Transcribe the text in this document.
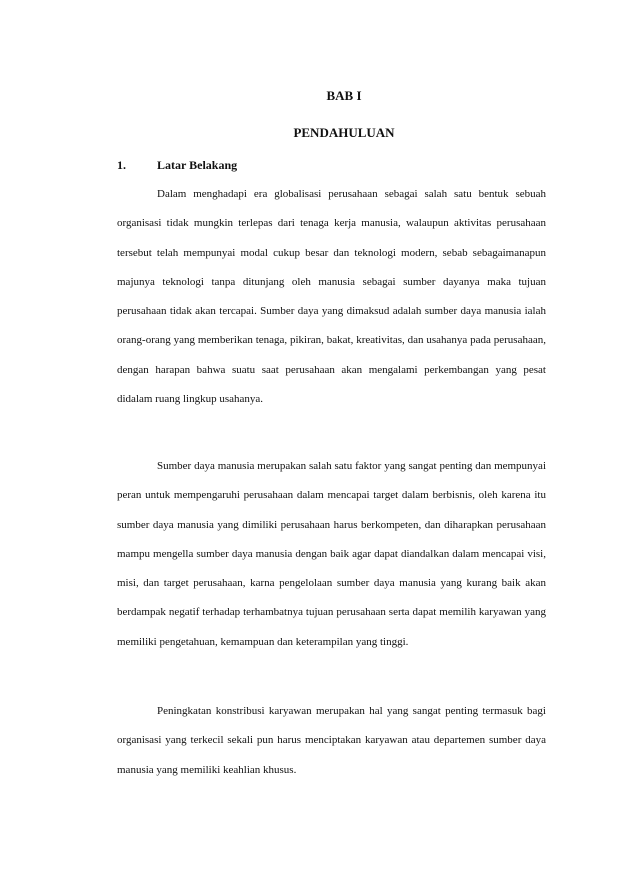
BAB I
PENDAHULUAN
1.	Latar Belakang

Dalam menghadapi era globalisasi perusahaan sebagai salah satu bentuk sebuah organisasi tidak mungkin terlepas dari tenaga kerja manusia, walaupun aktivitas perusahaan tersebut telah mempunyai modal cukup besar dan teknologi modern, sebab sebagaimanapun majunya teknologi tanpa ditunjang oleh manusia sebagai sumber dayanya maka tujuan perusahaan tidak akan tercapai. Sumber daya yang dimaksud adalah sumber daya manusia ialah orang-orang yang memberikan tenaga, pikiran, bakat, kreativitas, dan usahanya pada perusahaan, dengan harapan bahwa suatu saat perusahaan akan mengalami perkembangan yang pesat didalam ruang lingkup usahanya.

Sumber daya manusia merupakan salah satu faktor yang sangat penting dan mempunyai peran untuk mempengaruhi perusahaan dalam mencapai target dalam berbisnis, oleh karena itu sumber daya manusia yang dimiliki perusahaan harus berkompeten, dan diharapkan perusahaan mampu mengella sumber daya manusia dengan baik agar dapat diandalkan dalam mencapai visi, misi, dan target perusahaan, karna pengelolaan sumber daya manusia yang kurang baik akan berdampak negatif terhadap terhambatnya tujuan perusahaan serta dapat memilih karyawan yang memiliki pengetahuan, kemampuan dan keterampilan yang tinggi.

Peningkatan konstribusi karyawan merupakan hal yang sangat penting termasuk bagi organisasi yang terkecil sekali pun harus menciptakan karyawan atau departemen sumber daya manusia yang memiliki keahlian khusus.
